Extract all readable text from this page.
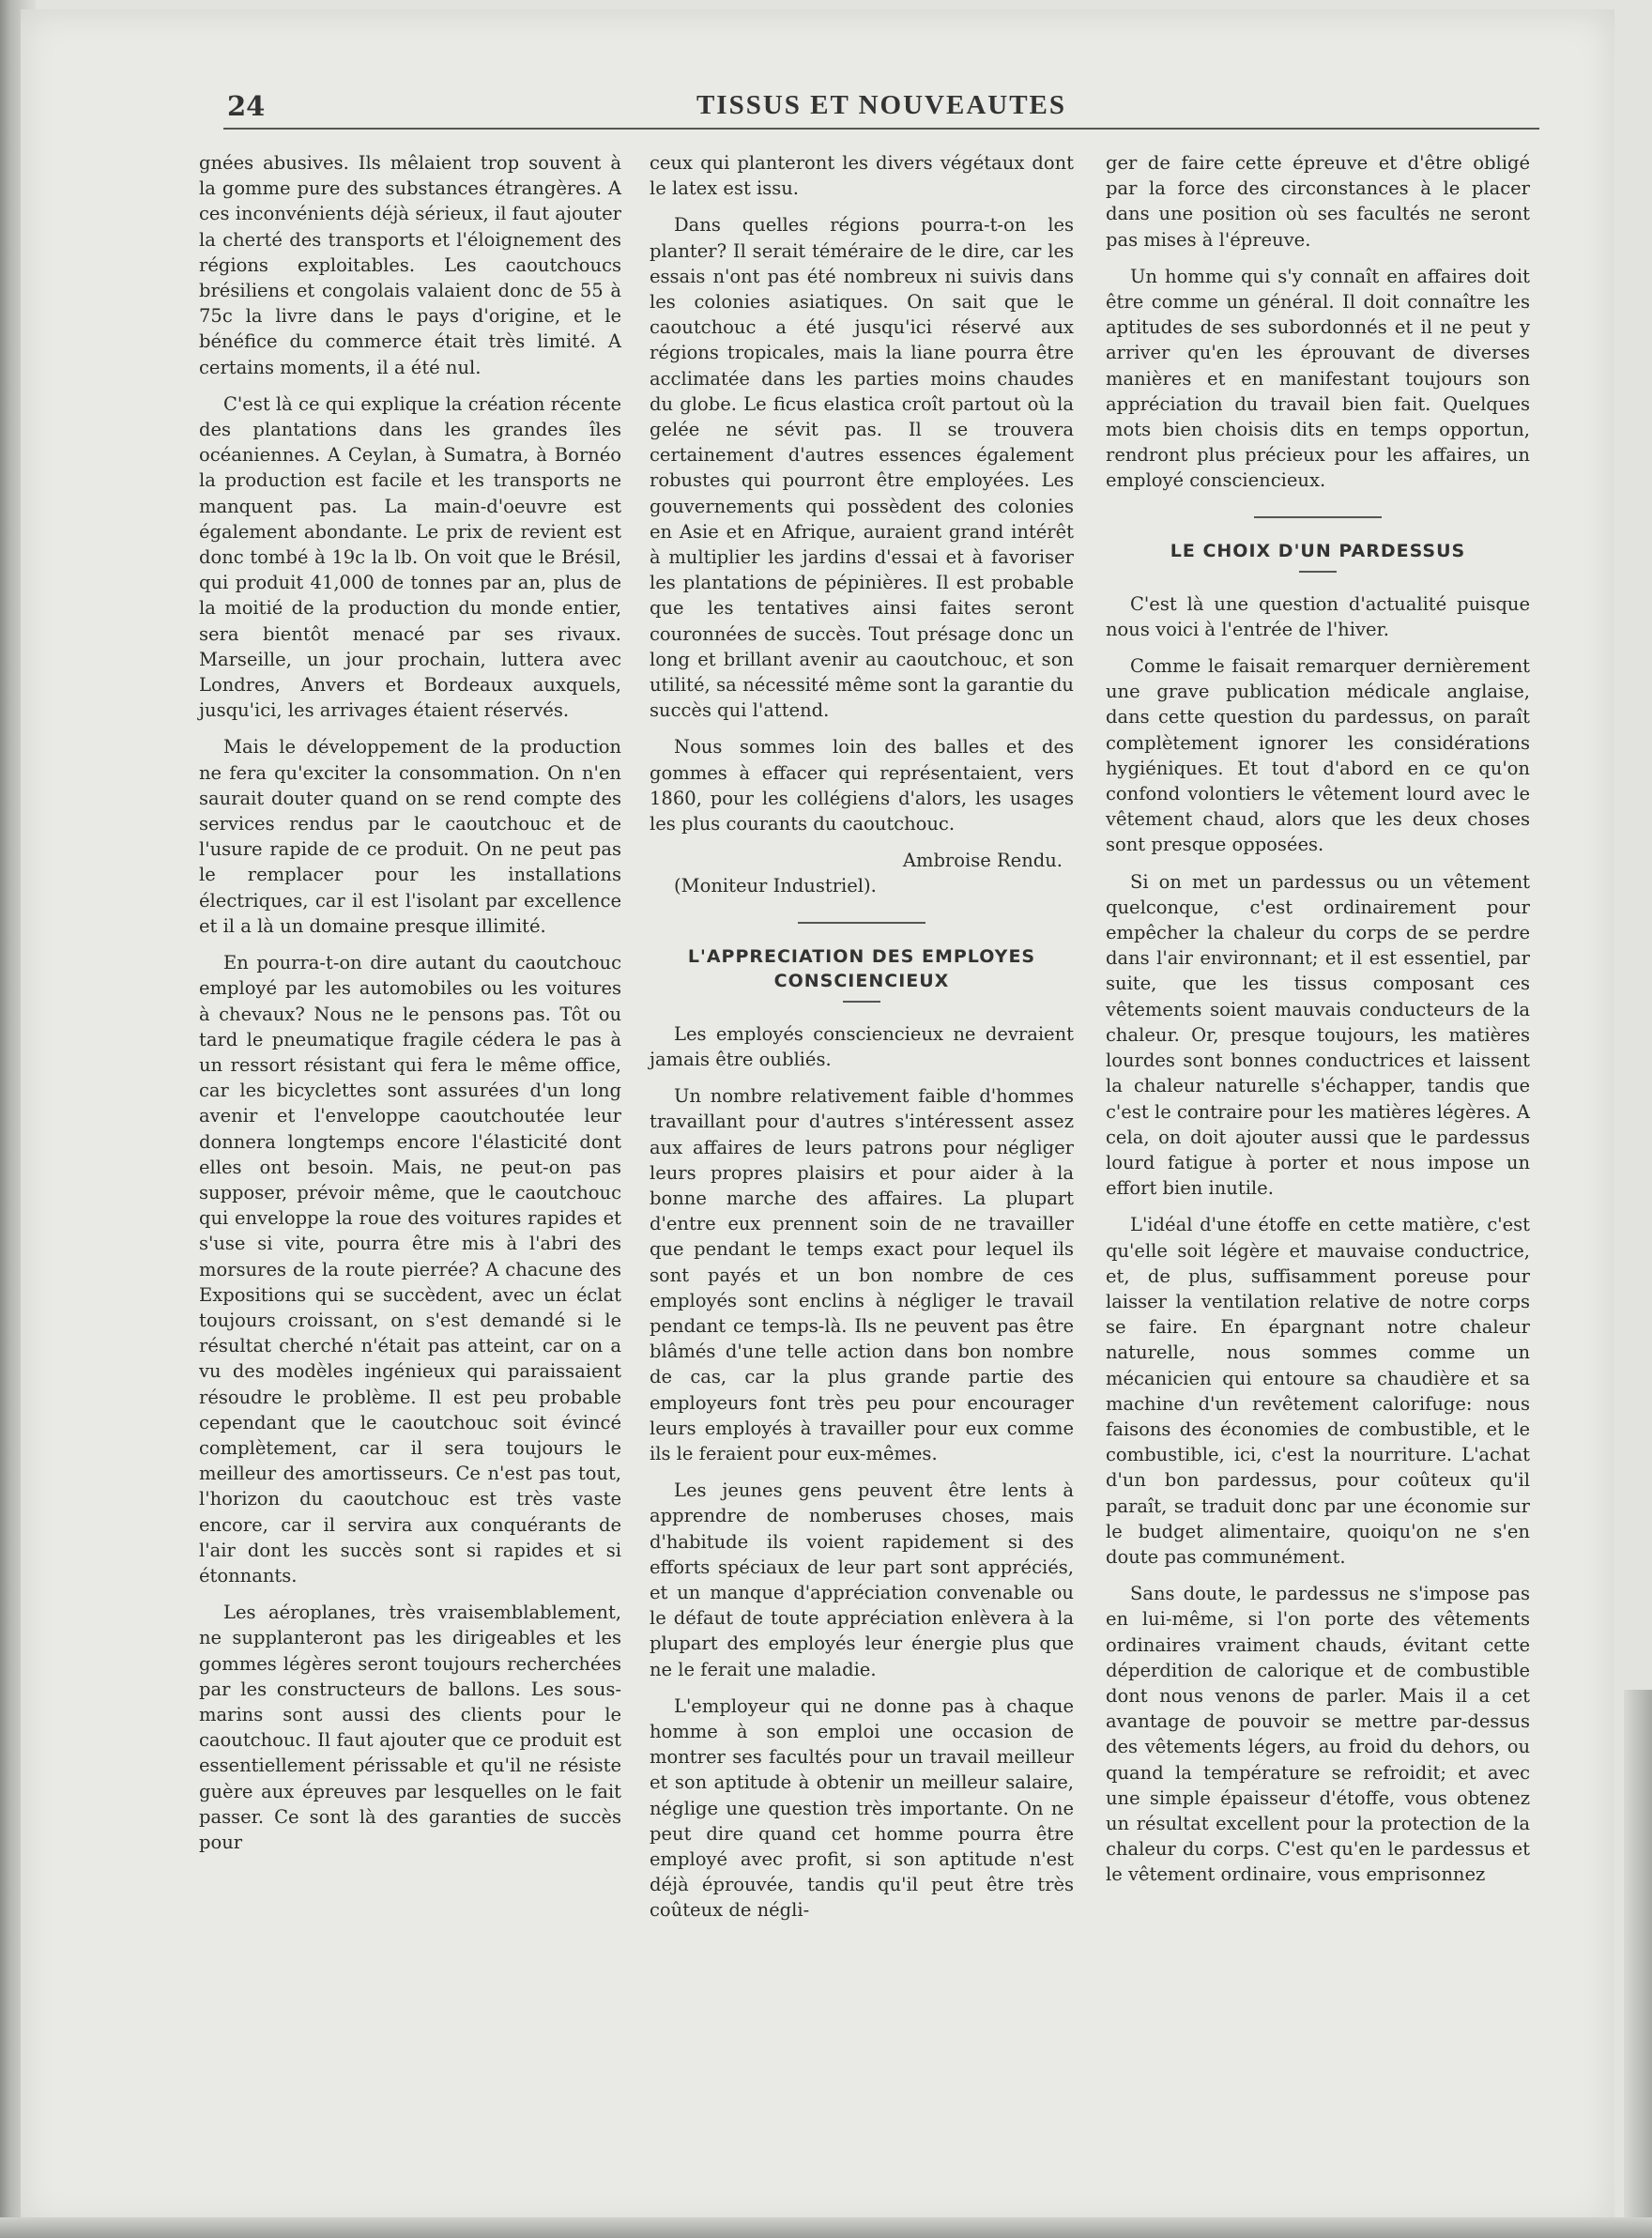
24	TISSUS ET NOUVEAUTES

gnées abusives. Ils mêlaient trop souvent à la gomme pure des substances étrangères. A ces inconvénients déjà sérieux, il faut ajouter la cherté des transports et l'éloignement des régions exploitables. Les caoutchoucs brésiliens et congolais valaient donc de 55 à 75c la livre dans le pays d'origine, et le bénéfice du commerce était très limité. A certains moments, il a été nul.

C'est là ce qui explique la création récente des plantations dans les grandes îles océaniennes. A Ceylan, à Sumatra, à Bornéo la production est facile et les transports ne manquent pas. La main-d'oeuvre est également abondante. Le prix de revient est donc tombé à 19c la lb. On voit que le Brésil, qui produit 41,000 de tonnes par an, plus de la moitié de la production du monde entier, sera bientôt menacé par ses rivaux. Marseille, un jour prochain, luttera avec Londres, Anvers et Bordeaux auxquels, jusqu'ici, les arrivages étaient réservés.

Mais le développement de la production ne fera qu'exciter la consommation. On n'en saurait douter quand on se rend compte des services rendus par le caoutchouc et de l'usure rapide de ce produit. On ne peut pas le remplacer pour les installations électriques, car il est l'isolant par excellence et il a là un domaine presque illimité.

En pourra-t-on dire autant du caoutchouc employé par les automobiles ou les voitures à chevaux? Nous ne le pensons pas. Tôt ou tard le pneumatique fragile cédera le pas à un ressort résistant qui fera le même office, car les bicyclettes sont assurées d'un long avenir et l'enveloppe caoutchoutée leur donnera longtemps encore l'élasticité dont elles ont besoin. Mais, ne peut-on pas supposer, prévoir même, que le caoutchouc qui enveloppe la roue des voitures rapides et s'use si vite, pourra être mis à l'abri des morsures de la route pierrée? A chacune des Expositions qui se succèdent, avec un éclat toujours croissant, on s'est demandé si le résultat cherché n'était pas atteint, car on a vu des modèles ingénieux qui paraissaient résoudre le problème. Il est peu probable cependant que le caoutchouc soit évincé complètement, car il sera toujours le meilleur des amortisseurs. Ce n'est pas tout, l'horizon du caoutchouc est très vaste encore, car il servira aux conquérants de l'air dont les succès sont si rapides et si étonnants.

Les aéroplanes, très vraisemblablement, ne supplanteront pas les dirigeables et les gommes légères seront toujours recherchées par les constructeurs de ballons. Les sous-marins sont aussi des clients pour le caoutchouc. Il faut ajouter que ce produit est essentiellement périssable et qu'il ne résiste guère aux épreuves par lesquelles on le fait passer. Ce sont là des garanties de succès pour

ceux qui planteront les divers végétaux dont le latex est issu.

Dans quelles régions pourra-t-on les planter? Il serait téméraire de le dire, car les essais n'ont pas été nombreux ni suivis dans les colonies asiatiques. On sait que le caoutchouc a été jusqu'ici réservé aux régions tropicales, mais la liane pourra être acclimatée dans les parties moins chaudes du globe. Le ficus elastica croît partout où la gelée ne sévit pas. Il se trouvera certainement d'autres essences également robustes qui pourront être employées. Les gouvernements qui possèdent des colonies en Asie et en Afrique, auraient grand intérêt à multiplier les jardins d'essai et à favoriser les plantations de pépinières. Il est probable que les tentatives ainsi faites seront couronnées de succès. Tout présage donc un long et brillant avenir au caoutchouc, et son utilité, sa nécessité même sont la garantie du succès qui l'attend.

Nous sommes loin des balles et des gommes à effacer qui représentaient, vers 1860, pour les collégiens d'alors, les usages les plus courants du caoutchouc.

Ambroise Rendu.
(Moniteur Industriel).
L'APPRECIATION DES EMPLOYES
CONSCIENCIEUX

Les employés consciencieux ne devraient jamais être oubliés.

Un nombre relativement faible d'hommes travaillant pour d'autres s'intéressent assez aux affaires de leurs patrons pour négliger leurs propres plaisirs et pour aider à la bonne marche des affaires. La plupart d'entre eux prennent soin de ne travailler que pendant le temps exact pour lequel ils sont payés et un bon nombre de ces employés sont enclins à négliger le travail pendant ce temps-là. Ils ne peuvent pas être blâmés d'une telle action dans bon nombre de cas, car la plus grande partie des employeurs font très peu pour encourager leurs employés à travailler pour eux comme ils le feraient pour eux-mêmes.

Les jeunes gens peuvent être lents à apprendre de nomberuses choses, mais d'habitude ils voient rapidement si des efforts spéciaux de leur part sont appréciés, et un manque d'appréciation convenable ou le défaut de toute appréciation enlèvera à la plupart des employés leur énergie plus que ne le ferait une maladie.

L'employeur qui ne donne pas à chaque homme à son emploi une occasion de montrer ses facultés pour un travail meilleur et son aptitude à obtenir un meilleur salaire, néglige une question très importante. On ne peut dire quand cet homme pourra être employé avec profit, si son aptitude n'est déjà éprouvée, tandis qu'il peut être très coûteux de négli-

ger de faire cette épreuve et d'être obligé par la force des circonstances à le placer dans une position où ses facultés ne seront pas mises à l'épreuve.

Un homme qui s'y connaît en affaires doit être comme un général. Il doit connaître les aptitudes de ses subordonnés et il ne peut y arriver qu'en les éprouvant de diverses manières et en manifestant toujours son appréciation du travail bien fait. Quelques mots bien choisis dits en temps opportun, rendront plus précieux pour les affaires, un employé consciencieux.

LE CHOIX D'UN PARDESSUS

C'est là une question d'actualité puisque nous voici à l'entrée de l'hiver.

Comme le faisait remarquer dernièrement une grave publication médicale anglaise, dans cette question du pardessus, on paraît complètement ignorer les considérations hygiéniques. Et tout d'abord en ce qu'on confond volontiers le vêtement lourd avec le vêtement chaud, alors que les deux choses sont presque opposées.

Si on met un pardessus ou un vêtement quelconque, c'est ordinairement pour empêcher la chaleur du corps de se perdre dans l'air environnant; et il est essentiel, par suite, que les tissus composant ces vêtements soient mauvais conducteurs de la chaleur. Or, presque toujours, les matières lourdes sont bonnes conductrices et laissent la chaleur naturelle s'échapper, tandis que c'est le contraire pour les matières légères. A cela, on doit ajouter aussi que le pardessus lourd fatigue à porter et nous impose un effort bien inutile.

L'idéal d'une étoffe en cette matière, c'est qu'elle soit légère et mauvaise conductrice, et, de plus, suffisamment poreuse pour laisser la ventilation relative de notre corps se faire. En épargnant notre chaleur naturelle, nous sommes comme un mécanicien qui entoure sa chaudière et sa machine d'un revêtement calorifuge: nous faisons des économies de combustible, et le combustible, ici, c'est la nourriture. L'achat d'un bon pardessus, pour coûteux qu'il paraît, se traduit donc par une économie sur le budget alimentaire, quoiqu'on ne s'en doute pas communément.

Sans doute, le pardessus ne s'impose pas en lui-même, si l'on porte des vêtements ordinaires vraiment chauds, évitant cette déperdition de calorique et de combustible dont nous venons de parler. Mais il a cet avantage de pouvoir se mettre par-dessus des vêtements légers, au froid du dehors, ou quand la température se refroidit; et avec une simple épaisseur d'étoffe, vous obtenez un résultat excellent pour la protection de la chaleur du corps. C'est qu'en le pardessus et le vêtement ordinaire, vous emprisonnez
